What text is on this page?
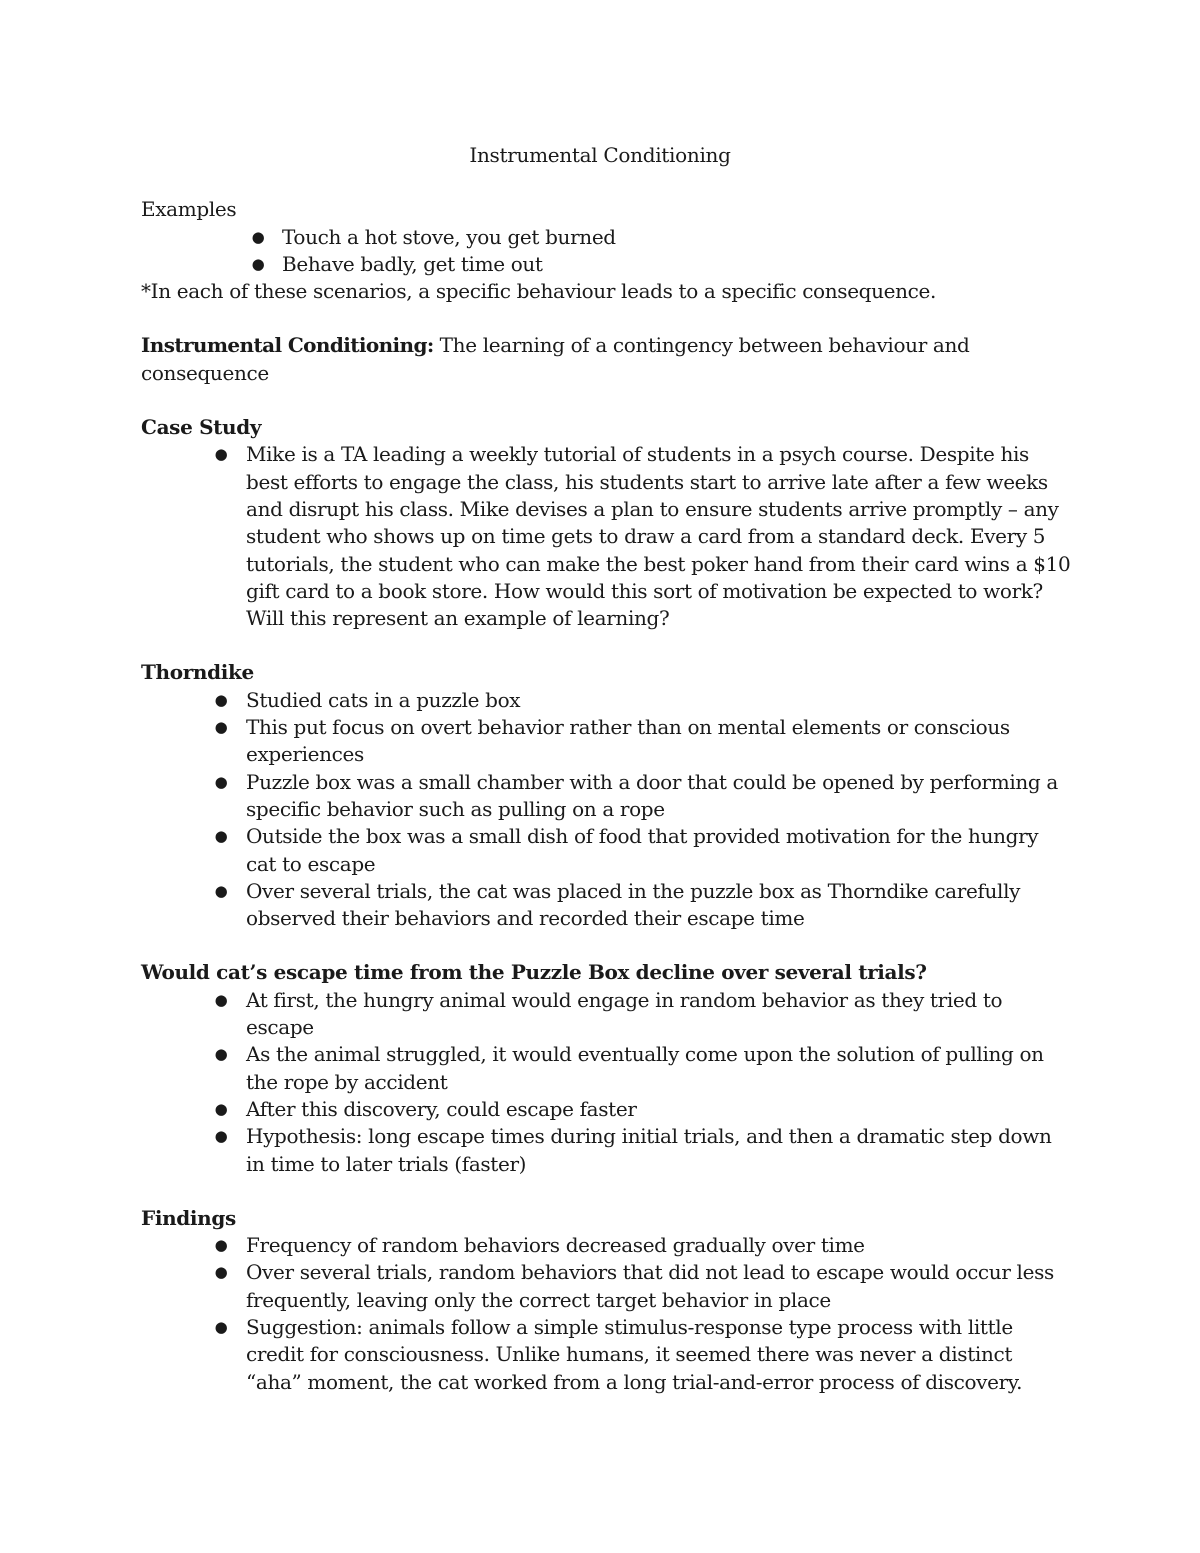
Instrumental Conditioning

Examples

● Touch a hot stove, you get burned
● Behave badly, get time out

*In each of these scenarios, a specific behaviour leads to a specific consequence.

Instrumental Conditioning: The learning of a contingency between behaviour and consequence

Case Study

● Mike is a TA leading a weekly tutorial of students in a psych course. Despite his best efforts to engage the class, his students start to arrive late after a few weeks and disrupt his class. Mike devises a plan to ensure students arrive promptly – any student who shows up on time gets to draw a card from a standard deck. Every 5 tutorials, the student who can make the best poker hand from their card wins a $10 gift card to a book store. How would this sort of motivation be expected to work? Will this represent an example of learning?

Thorndike

● Studied cats in a puzzle box
● This put focus on overt behavior rather than on mental elements or conscious experiences
● Puzzle box was a small chamber with a door that could be opened by performing a specific behavior such as pulling on a rope
● Outside the box was a small dish of food that provided motivation for the hungry cat to escape
● Over several trials, the cat was placed in the puzzle box as Thorndike carefully observed their behaviors and recorded their escape time

Would cat’s escape time from the Puzzle Box decline over several trials?

● At first, the hungry animal would engage in random behavior as they tried to escape
● As the animal struggled, it would eventually come upon the solution of pulling on the rope by accident
● After this discovery, could escape faster
● Hypothesis: long escape times during initial trials, and then a dramatic step down in time to later trials (faster)

Findings

● Frequency of random behaviors decreased gradually over time
● Over several trials, random behaviors that did not lead to escape would occur less frequently, leaving only the correct target behavior in place
● Suggestion: animals follow a simple stimulus-response type process with little credit for consciousness. Unlike humans, it seemed there was never a distinct “aha” moment, the cat worked from a long trial-and-error process of discovery.
